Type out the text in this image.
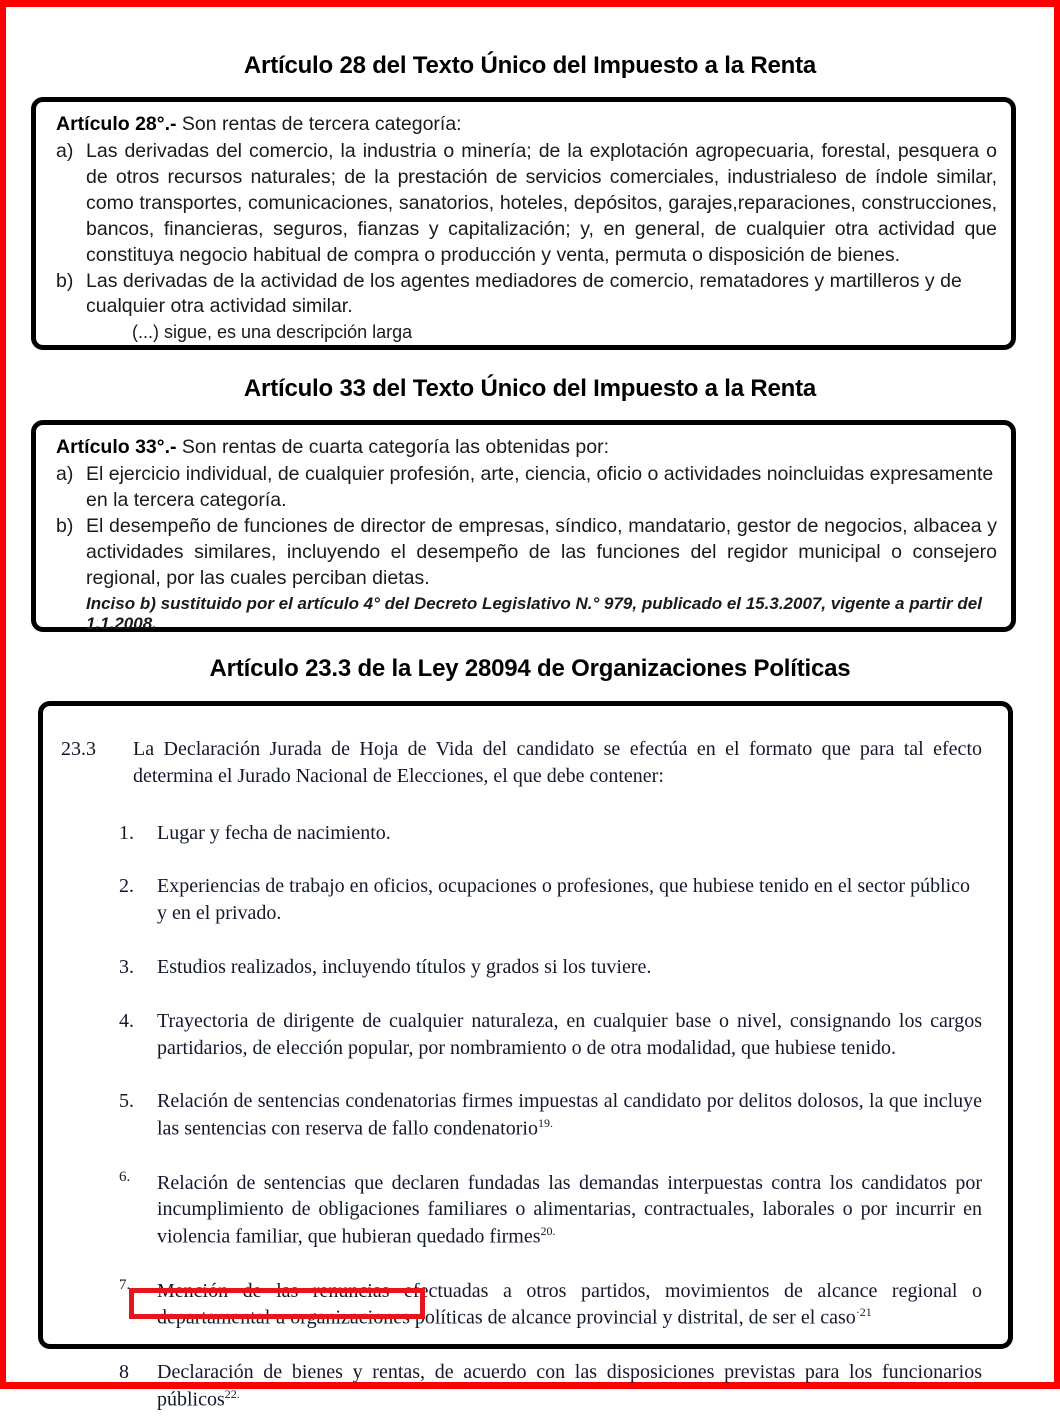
Artículo 28 del Texto Único del Impuesto a la Renta
Artículo 28°.- Son rentas de tercera categoría:
a) Las derivadas del comercio, la industria o minería; de la explotación agropecuaria, forestal, pesquera o de otros recursos naturales; de la prestación de servicios comerciales, industrialeso de índole similar, como transportes, comunicaciones, sanatorios, hoteles, depósitos, garajes,reparaciones, construcciones, bancos, financieras, seguros, fianzas y capitalización; y, en general, de cualquier otra actividad que constituya negocio habitual de compra o producción y venta, permuta o disposición de bienes.
b) Las derivadas de la actividad de los agentes mediadores de comercio, rematadores y martilleros y de cualquier otra actividad similar.
(...) sigue, es una descripción larga
Artículo 33 del Texto Único del Impuesto a la Renta
Artículo 33°.- Son rentas de cuarta categoría las obtenidas por:
a) El ejercicio individual, de cualquier profesión, arte, ciencia, oficio o actividades noincluidas expresamente en la tercera categoría.
b) El desempeño de funciones de director de empresas, síndico, mandatario, gestor de negocios, albacea y actividades similares, incluyendo el desempeño de las funciones del regidor municipal o consejero regional, por las cuales perciban dietas.
Inciso b) sustituido por el artículo 4° del Decreto Legislativo N.° 979, publicado el 15.3.2007, vigente a partir del 1.1.2008.
Artículo 23.3 de la Ley 28094 de Organizaciones Políticas
23.3	La Declaración Jurada de Hoja de Vida del candidato se efectúa en el formato que para tal efecto determina el Jurado Nacional de Elecciones, el que debe contener:
1.	Lugar y fecha de nacimiento.
2.	Experiencias de trabajo en oficios, ocupaciones o profesiones, que hubiese tenido en el sector público y en el privado.
3.	Estudios realizados, incluyendo títulos y grados si los tuviere.
4.	Trayectoria de dirigente de cualquier naturaleza, en cualquier base o nivel, consignando los cargos partidarios, de elección popular, por nombramiento o de otra modalidad, que hubiese tenido.
5.	Relación de sentencias condenatorias firmes impuestas al candidato por delitos dolosos, la que incluye las sentencias con reserva de fallo condenatorio$^{19.}$
6.	Relación de sentencias que declaren fundadas las demandas interpuestas contra los candidatos por incumplimiento de obligaciones familiares o alimentarias, contractuales, laborales o por incurrir en violencia familiar, que hubieran quedado firmes$^{20.}$
7.	Mención de las renuncias efectuadas a otros partidos, movimientos de alcance regional o departamental u organizaciones políticas de alcance provincial y distrital, de ser el caso$^{\cdot 21}$
8	Declaración de bienes y rentas, de acuerdo con las disposiciones previstas para los funcionarios públicos$^{22.}$
